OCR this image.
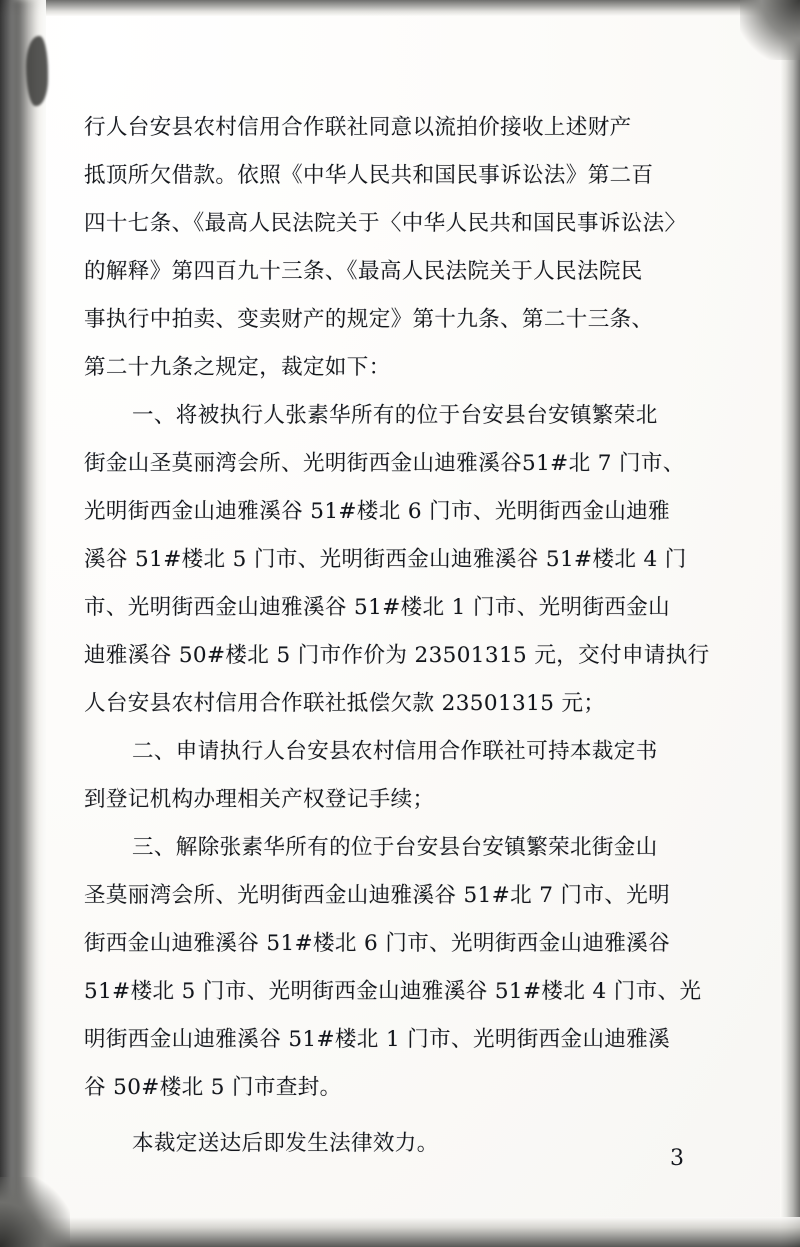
行人台安县农村信用合作联社同意以流拍价接收上述财产

抵顶所欠借款。依照《中华人民共和国民事诉讼法》第二百

四十七条、《最高人民法院关于〈中华人民共和国民事诉讼法〉

的解释》第四百九十三条、《最高人民法院关于人民法院民

事执行中拍卖、变卖财产的规定》第十九条、第二十三条、

第二十九条之规定，裁定如下：

一、将被执行人张素华所有的位于台安县台安镇繁荣北

街金山圣莫丽湾会所、光明街西金山迪雅溪谷51#北 7 门市、

光明街西金山迪雅溪谷 51#楼北 6 门市、光明街西金山迪雅

溪谷 51#楼北 5 门市、光明街西金山迪雅溪谷 51#楼北 4 门

市、光明街西金山迪雅溪谷 51#楼北 1 门市、光明街西金山

迪雅溪谷 50#楼北 5 门市作价为 23501315 元，交付申请执行

人台安县农村信用合作联社抵偿欠款 23501315 元；

二、申请执行人台安县农村信用合作联社可持本裁定书

到登记机构办理相关产权登记手续；

三、解除张素华所有的位于台安县台安镇繁荣北街金山

圣莫丽湾会所、光明街西金山迪雅溪谷 51#北 7 门市、光明

街西金山迪雅溪谷 51#楼北 6 门市、光明街西金山迪雅溪谷

51#楼北 5 门市、光明街西金山迪雅溪谷 51#楼北 4 门市、光

明街西金山迪雅溪谷 51#楼北 1 门市、光明街西金山迪雅溪

谷 50#楼北 5 门市查封。

本裁定送达后即发生法律效力。

3
